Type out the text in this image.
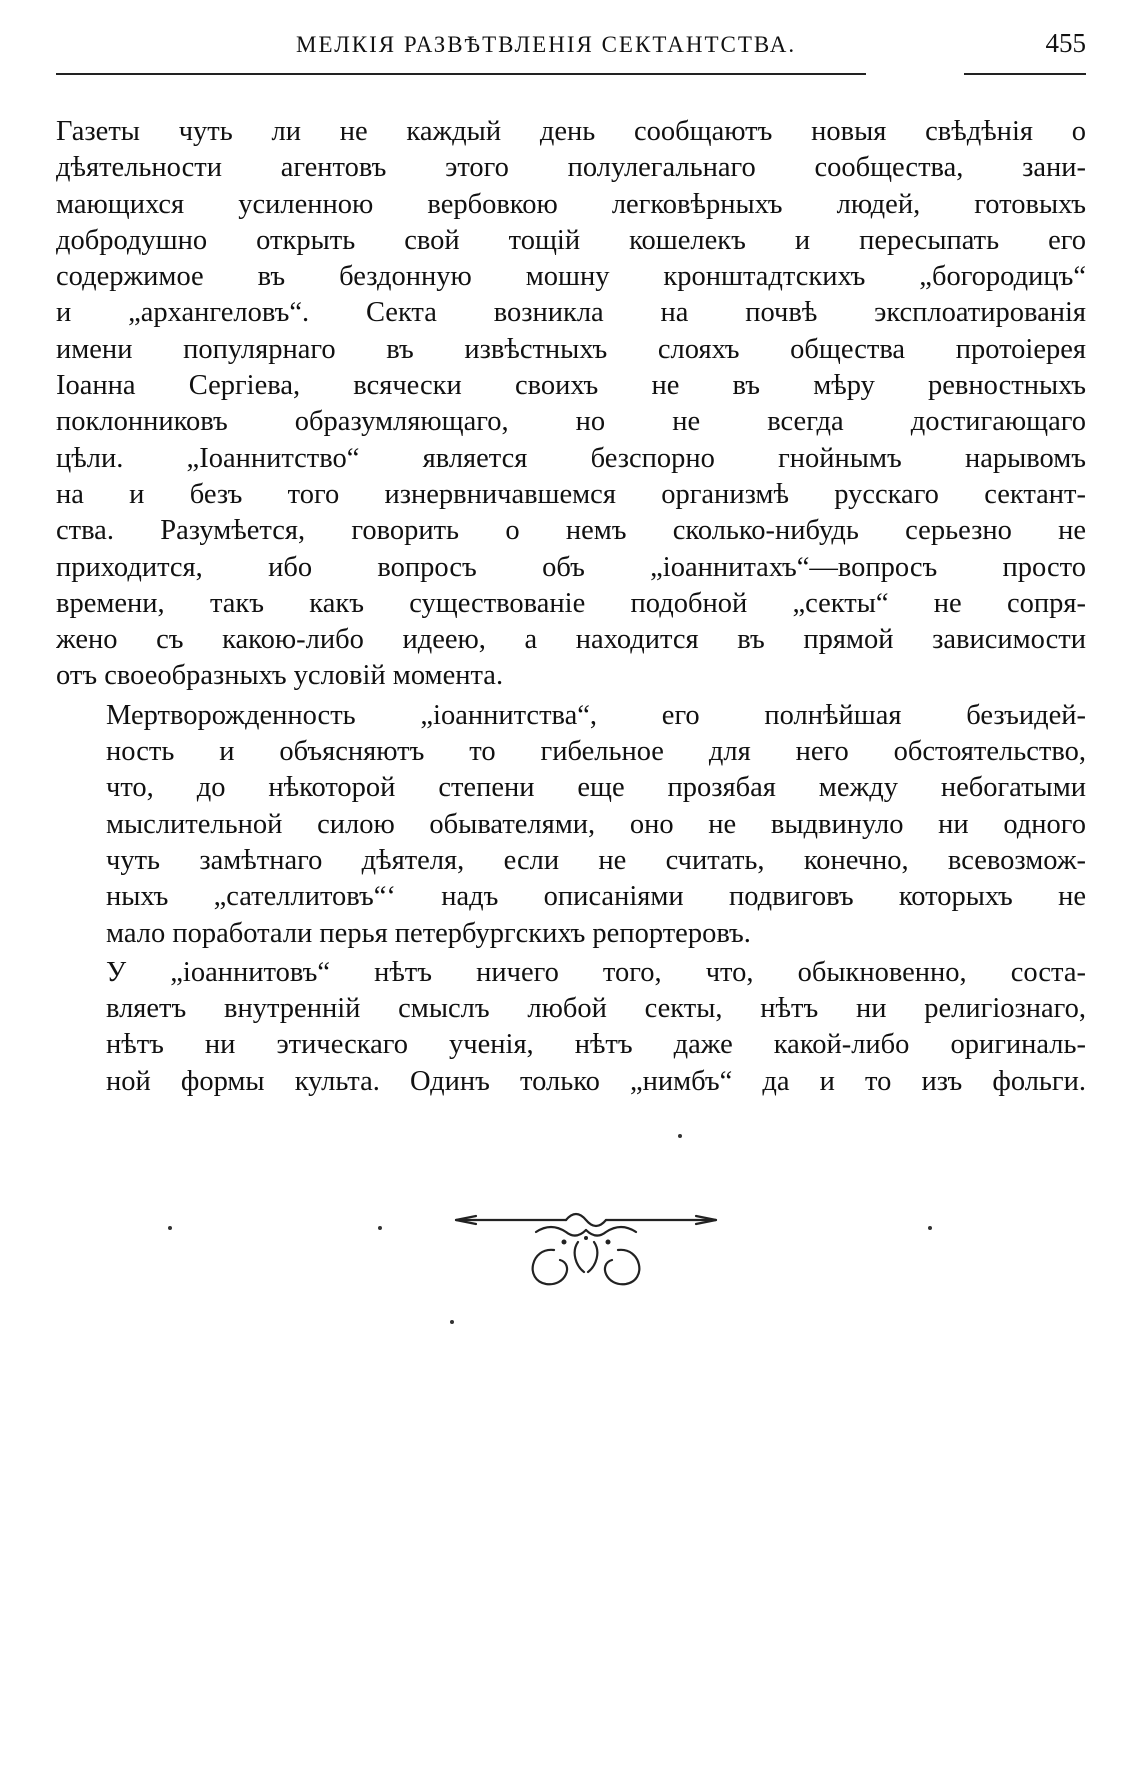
МЕЛКІЯ РАЗВѢТВЛЕНІЯ СЕКТАНТСТВА.	455

Газеты чуть ли не каждый день сообщаютъ новыя свѣдѣнія о
дѣятельности агентовъ этого полулегальнаго сообщества, зани-
мающихся усиленною вербовкою легковѣрныхъ людей, готовыхъ
добродушно открыть свой тощій кошелекъ и пересыпать его
содержимое въ бездонную мошну кронштадтскихъ „богородицъ“
и „архангеловъ“. Секта возникла на почвѣ эксплоатированія
имени популярнаго въ извѣстныхъ слояхъ общества протоіерея
Іоанна Сергіева, всячески своихъ не въ мѣру ревностныхъ
поклонниковъ образумляющаго, но не всегда достигающаго
цѣли. „Іоаннитство“ является безспорно гнойнымъ нарывомъ
на и безъ того изнервничавшемся организмѣ русскаго сектант-
ства. Разумѣется, говорить о немъ сколько-нибудь серьезно не
приходится, ибо вопросъ объ „іоаннитахъ“—вопросъ просто
времени, такъ какъ существованіе подобной „секты“ не сопря-
жено съ какою-либо идеею, а находится въ прямой зависимости
отъ своеобразныхъ условій момента.

Мертворожденность „іоаннитства“, его полнѣйшая безъидей-
ность и объясняютъ то гибельное для него обстоятельство,
что, до нѣкоторой степени еще прозябая между небогатыми
мыслительной силою обывателями, оно не выдвинуло ни одного
чуть замѣтнаго дѣятеля, если не считать, конечно, всевозмож-
ныхъ „сателлитовъ“‘ надъ описаніями подвиговъ которыхъ не
мало поработали перья петербургскихъ репортеровъ.

У „іоаннитовъ“ нѣтъ ничего того, что, обыкновенно, соста-
вляетъ внутренній смыслъ любой секты, нѣтъ ни религіознаго,
нѣтъ ни этическаго ученія, нѣтъ даже какой-либо оригиналь-
ной формы культа. Одинъ только „нимбъ“ да и то изъ фольги.
